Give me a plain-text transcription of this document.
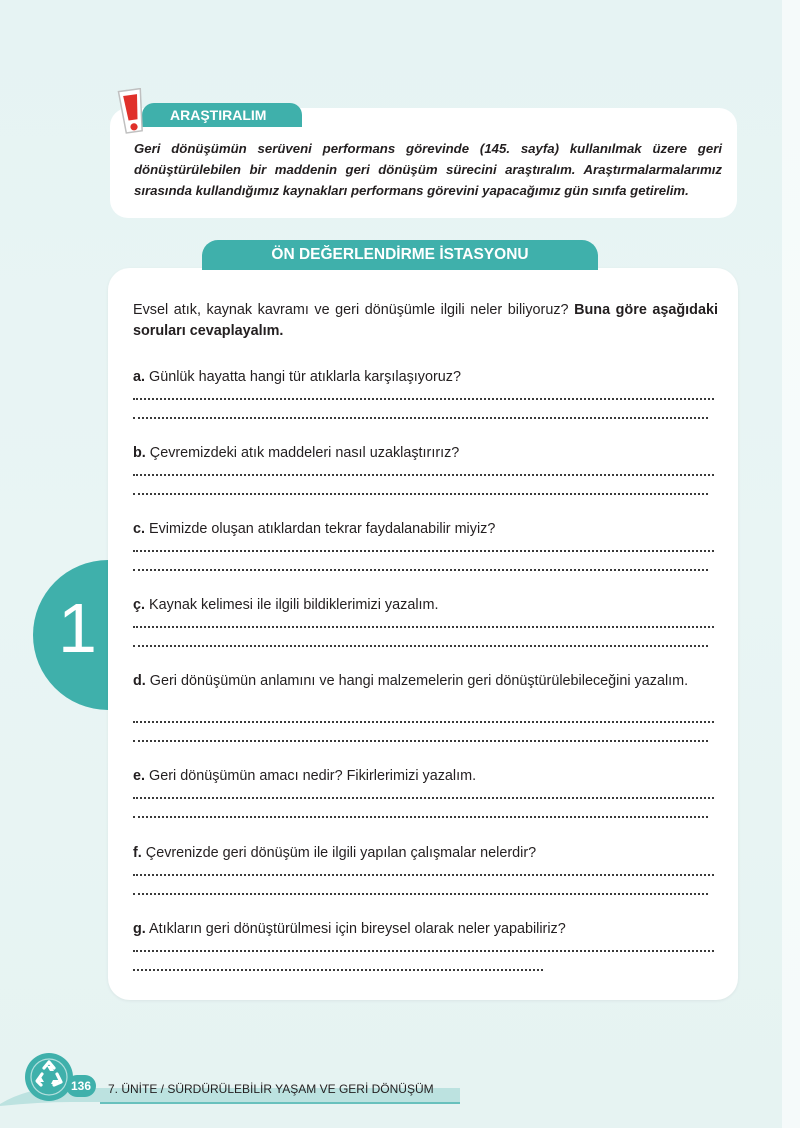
ARAŞTIRALIM
Geri dönüşümün serüveni performans görevinde (145. sayfa) kullanılmak üzere geri dönüştürülebilen bir maddenin geri dönüşüm sürecini araştıralım. Araştırmalarmalarımız sırasında kullandığımız kaynakları performans görevini yapacağımız gün sınıfa getirelim.
ÖN DEĞERLENDİRME İSTASYONU
1
Evsel atık, kaynak kavramı ve geri dönüşümle ilgili neler biliyoruz? Buna göre aşağıdaki soruları cevaplayalım.
a. Günlük hayatta hangi tür atıklarla karşılaşıyoruz?
b. Çevremizdeki atık maddeleri nasıl uzaklaştırırız?
c. Evimizde oluşan atıklardan tekrar faydalanabilir miyiz?
ç. Kaynak kelimesi ile ilgili bildiklerimizi yazalım.
d. Geri dönüşümün anlamını ve hangi malzemelerin geri dönüştürülebileceğini yazalım.
e. Geri dönüşümün amacı nedir? Fikirlerimizi yazalım.
f. Çevrenizde geri dönüşüm ile ilgili yapılan çalışmalar nelerdir?
g. Atıkların geri dönüştürülmesi için bireysel olarak neler yapabiliriz?
136	7. ÜNİTE / SÜRDÜRÜLEBİLİR YAŞAM VE GERİ DÖNÜŞÜM
